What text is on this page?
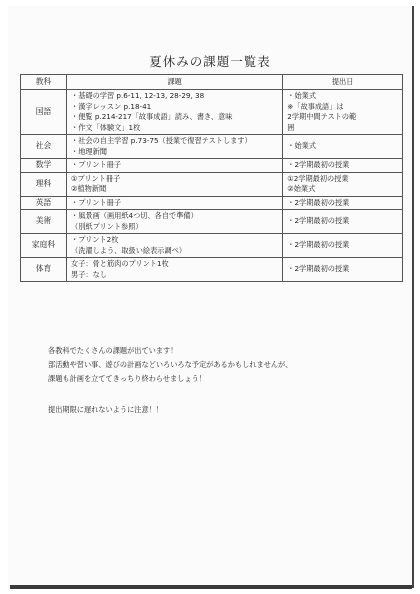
夏休みの課題一覧表
教科	課題	提出日
国語	・基礎の学習 p.6-11, 12-13, 28-29, 38
・漢字レッスン p.18-41
・便覧 p.214-217「故事成語」読み、書き、意味
・作文「体験文」1枚	・始業式
※「故事成語」は
2学期中間テストの範
囲

社会	・社会の自主学習 p.73-75（授業で復習テストします）
・地理新聞	・始業式

数学	・プリント冊子	・2学期最初の授業

理科	①プリント冊子
②植物新聞	①2学期最初の授業
②始業式

英語	・プリント冊子	・2学期最初の授業

美術	・風景画（画用紙4つ切、各自で準備）
（別紙プリント参照）	・2学期最初の授業

家庭科	・プリント2枚
（洗濯しよう、取扱い絵表示調べ）	・2学期最初の授業

体育	女子：骨と筋肉のプリント1枚
男子：なし	・2学期最初の授業

各教科でたくさんの課題が出ています！

部活動や習い事、遊びの計画などいろいろな予定があるかもしれませんが、

課題も計画を立ててきっちり終わらせましょう！

提出期限に遅れないように注意！！
